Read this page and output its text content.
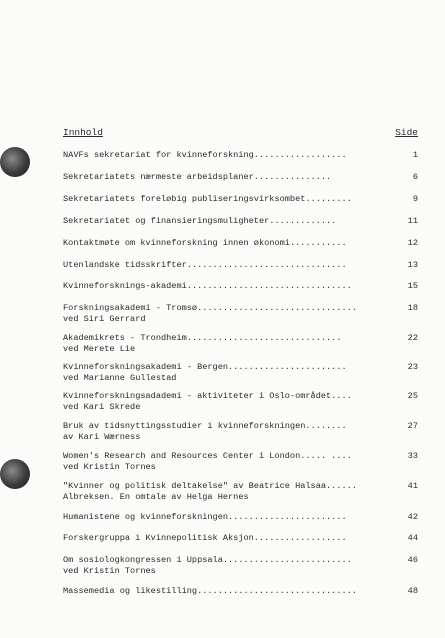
Innhold	Side
NAVFs sekretariat for kvinneforskning..................	1
Sekretariatets nærmeste arbeidsplaner...............	6
Sekretariatets foreløbig publiseringsvirksombet.........	9
Sekretariatet og finansieringsmuligheter.............	11
Kontaktmøte om kvinneforskning innen økonomi...........	12
Utenlandske tidsskrifter...............................	13
Kvinneforsknings-akademi................................	15
Forskningsakademi - Tromsø...............................	18
ved Siri Gerrard
Akademikrets - Trondheim..............................	22
ved Merete Lie
Kvinneforskningsakademi - Bergen.......................	23
ved Marianne Gullestad
Kvinneforskningsadademi - aktiviteter i Oslo-området....	25
ved Kari Skrede
Bruk av tidsnyttingsstudier i kvinneforskningen........	27
av Kari Wærness
Women's Research and Resources Center i London..... ....	33
ved Kristin Tornes
"Kvinner og politisk deltakelse" av Beatrice Halsaa......	41
Albreksen. En omtale av Helga Hernes
Humanistene og kvinneforskningen.......................	42
Forskergruppa i Kvinnepolitisk Aksjon..................	44
Om sosiologkongressen i Uppsala.........................	46
ved Kristin Tornes
Massemedia og likestilling...............................	48
